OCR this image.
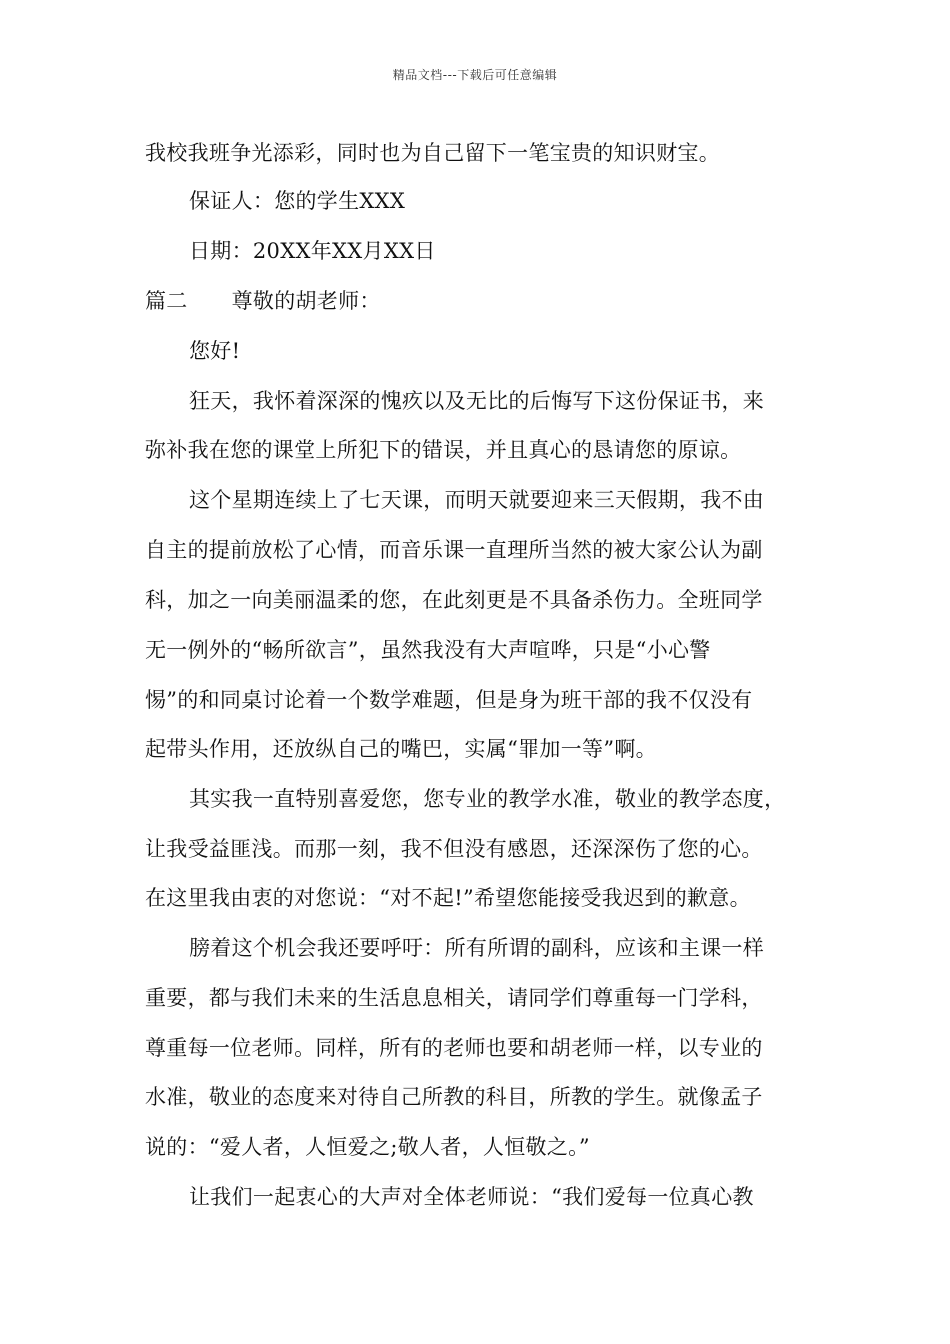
精品文档---下载后可任意编辑
我校我班争光添彩，同时也为自己留下一笔宝贵的知识财宝。
保证人：您的学生XXX
日期：20XX年XX月XX日
篇二 尊敬的胡老师：
您好!
狂天，我怀着深深的愧疚以及无比的后悔写下这份保证书，来
弥补我在您的课堂上所犯下的错误，并且真心的恳请您的原谅。
这个星期连续上了七天课，而明天就要迎来三天假期，我不由
自主的提前放松了心情，而音乐课一直理所当然的被大家公认为副
科，加之一向美丽温柔的您，在此刻更是不具备杀伤力。全班同学
无一例外的“畅所欲言”，虽然我没有大声喧哗，只是“小心警
惕”的和同桌讨论着一个数学难题，但是身为班干部的我不仅没有
起带头作用，还放纵自己的嘴巴，实属“罪加一等”啊。
其实我一直特别喜爱您，您专业的教学水准，敬业的教学态度，
让我受益匪浅。而那一刻，我不但没有感恩，还深深伤了您的心。
在这里我由衷的对您说：“对不起!”希望您能接受我迟到的歉意。
膀着这个机会我还要呼吁：所有所谓的副科，应该和主课一样
重要，都与我们未来的生活息息相关，请同学们尊重每一门学科，
尊重每一位老师。同样，所有的老师也要和胡老师一样，以专业的
水准，敬业的态度来对待自己所教的科目，所教的学生。就像孟子
说的：“爱人者，人恒爱之;敬人者，人恒敬之。”
让我们一起衷心的大声对全体老师说：“我们爱每一位真心教
